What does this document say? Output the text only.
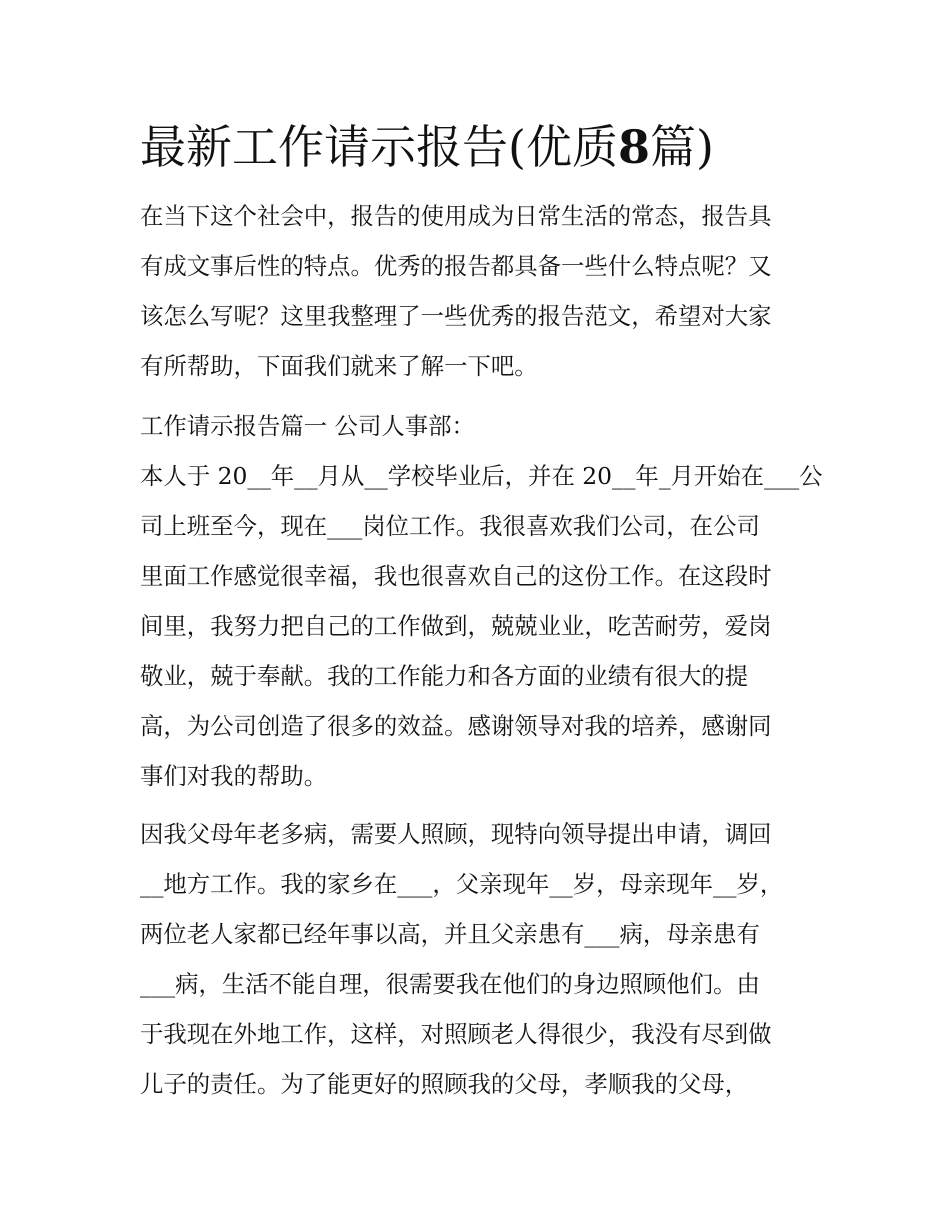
最新工作请示报告(优质8篇)

在当下这个社会中，报告的使用成为日常生活的常态，报告具

有成文事后性的特点。优秀的报告都具备一些什么特点呢？又

该怎么写呢？这里我整理了一些优秀的报告范文，希望对大家

有所帮助，下面我们就来了解一下吧。

工作请示报告篇一 公司人事部：

本人于 20__年__月从__学校毕业后，并在 20__年_月开始在___公

司上班至今，现在___岗位工作。我很喜欢我们公司，在公司

里面工作感觉很幸福，我也很喜欢自己的这份工作。在这段时

间里，我努力把自己的工作做到，兢兢业业，吃苦耐劳，爱岗

敬业，兢于奉献。我的工作能力和各方面的业绩有很大的提

高，为公司创造了很多的效益。感谢领导对我的培养，感谢同

事们对我的帮助。

因我父母年老多病，需要人照顾，现特向领导提出申请，调回

__地方工作。我的家乡在___，父亲现年__岁，母亲现年__岁，

两位老人家都已经年事以高，并且父亲患有___病，母亲患有

___病，生活不能自理，很需要我在他们的身边照顾他们。由

于我现在外地工作，这样，对照顾老人得很少，我没有尽到做

儿子的责任。为了能更好的照顾我的父母，孝顺我的父母，
